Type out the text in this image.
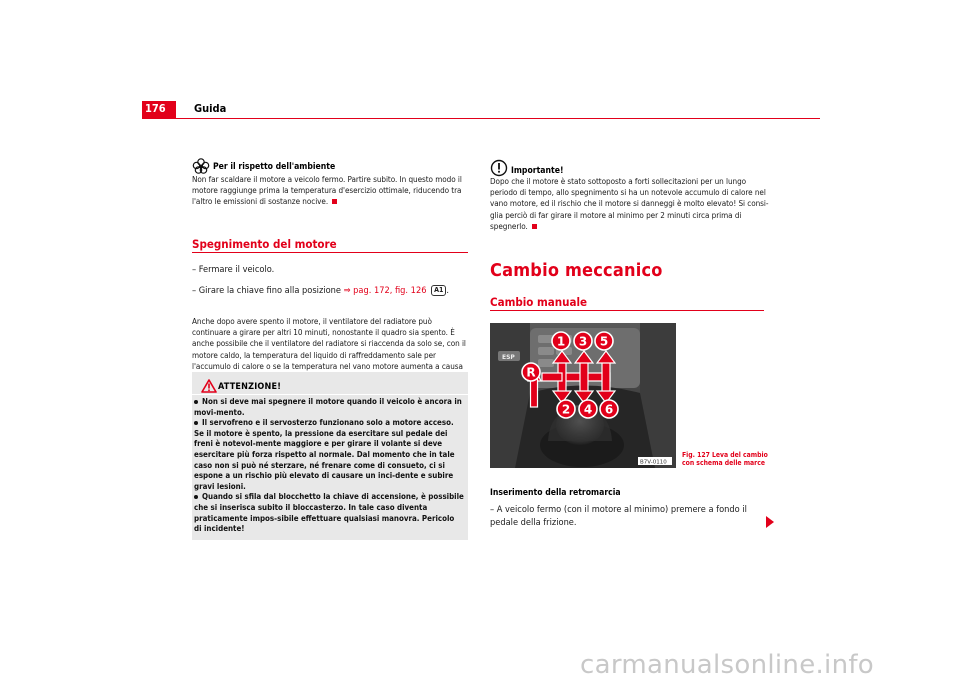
176	Guida
Per il rispetto dell'ambiente
Non far scaldare il motore a veicolo fermo. Partire subito. In questo modo il motore raggiunge prima la temperatura d'esercizio ottimale, riducendo tra l'altro le emissioni di sostanze nocive.
Spegnimento del motore
– Fermare il veicolo.
– Girare la chiave fino alla posizione ⇒ pag. 172, fig. 126 A1 .
Anche dopo avere spento il motore, il ventilatore del radiatore può continuare a girare per altri 10 minuti, nonostante il quadro sia spento. È anche possibile che il ventilatore del radiatore si riaccenda da solo se, con il motore caldo, la temperatura del liquido di raffreddamento sale per l'accumulo di calore o se la temperatura nel vano motore aumenta a causa
ATTENZIONE!
Non si deve mai spegnere il motore quando il veicolo è ancora in movi-mento.
Il servofreno e il servosterzo funzionano solo a motore acceso. Se il motore è spento, la pressione da esercitare sul pedale dei freni è notevol-mente maggiore e per girare il volante si deve esercitare più forza rispetto al normale. Dal momento che in tale caso non si può né sterzare, né frenare come di consueto, ci si espone a un rischio più elevato di causare un inci-dente e subire gravi lesioni.
Quando si sfila dal blocchetto la chiave di accensione, è possibile che si inserisca subito il bloccasterzo. In tale caso diventa praticamente impos-sibile effettuare qualsiasi manovra. Pericolo di incidente!
Importante!
Dopo che il motore è stato sottoposto a forti sollecitazioni per un lungo periodo di tempo, allo spegnimento si ha un notevole accumulo di calore nel vano motore, ed il rischio che il motore si danneggi è molto elevato! Si consi-glia perciò di far girare il motore al minimo per 2 minuti circa prima di spegnerlo.
Cambio meccanico
Cambio manuale
ESP
1 3 5
R
2 4 6
B7V-0110
Fig. 127 Leva del cambio con schema delle marce
Inserimento della retromarcia
– A veicolo fermo (con il motore al minimo) premere a fondo il pedale della frizione.
carmanualsonline.info
